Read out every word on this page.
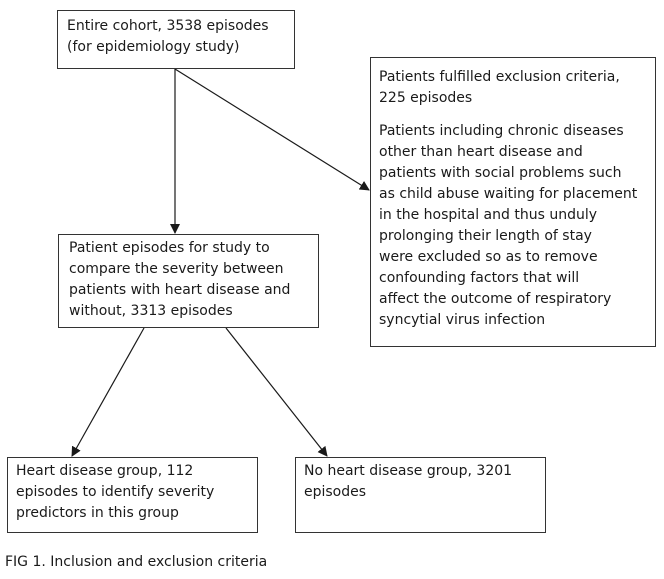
Entire cohort, 3538 episodes
(for epidemiology study)
Patients fulfilled exclusion criteria,
225 episodes
Patients including chronic diseases
other than heart disease and
patients with social problems such
as child abuse waiting for placement
in the hospital and thus unduly
prolonging their length of stay
were excluded so as to remove
confounding factors that will
affect the outcome of respiratory
syncytial virus infection
Patient episodes for study to
compare the severity between
patients with heart disease and
without, 3313 episodes
Heart disease group, 112
episodes to identify severity
predictors in this group
No heart disease group, 3201
episodes
FIG 1. Inclusion and exclusion criteria
